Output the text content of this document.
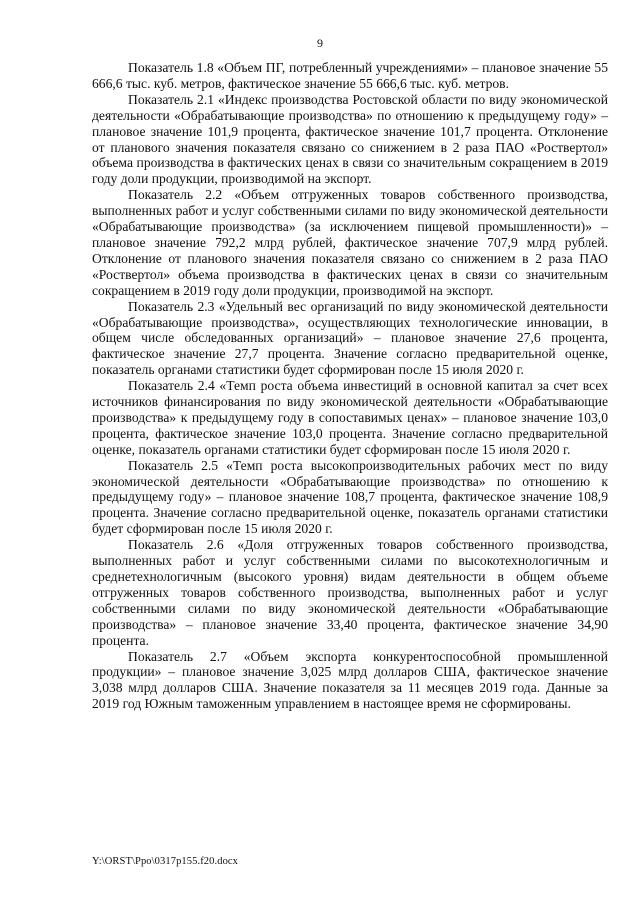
9

Показатель 1.8 «Объем ПГ, потребленный учреждениями» – плановое значение 55 666,6 тыс. куб. метров, фактическое значение 55 666,6 тыс. куб. метров.

Показатель 2.1 «Индекс производства Ростовской области по виду экономической деятельности «Обрабатывающие производства» по отношению к предыдущему году» – плановое значение 101,9 процента, фактическое значение 101,7 процента. Отклонение от планового значения показателя связано со снижением в 2 раза ПАО «Роствертол» объема производства в фактических ценах в связи со значительным сокращением в 2019 году доли продукции, производимой на экспорт.

Показатель 2.2 «Объем отгруженных товаров собственного производства, выполненных работ и услуг собственными силами по виду экономической деятельности «Обрабатывающие производства» (за исключением пищевой промышленности)» – плановое значение 792,2 млрд рублей, фактическое значение 707,9 млрд рублей. Отклонение от планового значения показателя связано со снижением в 2 раза ПАО «Роствертол» объема производства в фактических ценах в связи со значительным сокращением в 2019 году доли продукции, производимой на экспорт.

Показатель 2.3 «Удельный вес организаций по виду экономической деятельности «Обрабатывающие производства», осуществляющих технологические инновации, в общем числе обследованных организаций» – плановое значение 27,6 процента, фактическое значение 27,7 процента. Значение согласно предварительной оценке, показатель органами статистики будет сформирован после 15 июля 2020 г.

Показатель 2.4 «Темп роста объема инвестиций в основной капитал за счет всех источников финансирования по виду экономической деятельности «Обрабатывающие производства» к предыдущему году в сопоставимых ценах» – плановое значение 103,0 процента, фактическое значение 103,0 процента. Значение согласно предварительной оценке, показатель органами статистики будет сформирован после 15 июля 2020 г.

Показатель 2.5 «Темп роста высокопроизводительных рабочих мест по виду экономической деятельности «Обрабатывающие производства» по отношению к предыдущему году» – плановое значение 108,7 процента, фактическое значение 108,9 процента. Значение согласно предварительной оценке, показатель органами статистики будет сформирован после 15 июля 2020 г.

Показатель 2.6 «Доля отгруженных товаров собственного производства, выполненных работ и услуг собственными силами по высокотехнологичным и среднетехнологичным (высокого уровня) видам деятельности в общем объеме отгруженных товаров собственного производства, выполненных работ и услуг собственными силами по виду экономической деятельности «Обрабатывающие производства» – плановое значение 33,40 процента, фактическое значение 34,90 процента.

Показатель 2.7 «Объем экспорта конкурентоспособной промышленной продукции» – плановое значение 3,025 млрд долларов США, фактическое значение 3,038 млрд долларов США. Значение показателя за 11 месяцев 2019 года. Данные за 2019 год Южным таможенным управлением в настоящее время не сформированы.

Y:\ORST\Ppo\0317p155.f20.docx
